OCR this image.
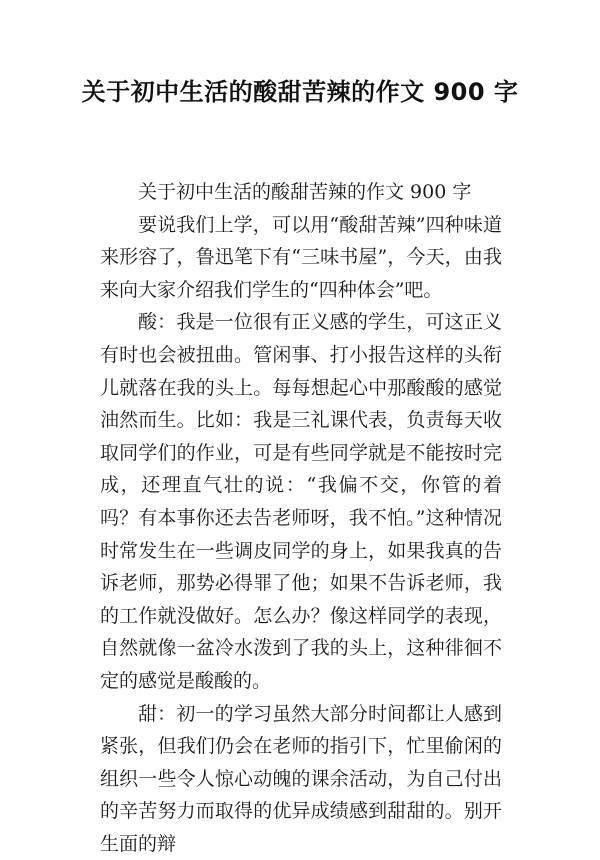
关于初中生活的酸甜苦辣的作文 900 字

关于初中生活的酸甜苦辣的作文 900 字

要说我们上学，可以用“酸甜苦辣”四种味道来形容了，鲁迅笔下有“三味书屋”，今天，由我来向大家介绍我们学生的“四种体会”吧。

酸：我是一位很有正义感的学生，可这正义有时也会被扭曲。管闲事、打小报告这样的头衔儿就落在我的头上。每每想起心中那酸酸的感觉油然而生。比如：我是三礼课代表，负责每天收取同学们的作业，可是有些同学就是不能按时完成，还理直气壮的说：“我偏不交，你管的着吗？有本事你还去告老师呀，我不怕。”这种情况时常发生在一些调皮同学的身上，如果我真的告诉老师，那势必得罪了他；如果不告诉老师，我的工作就没做好。怎么办？像这样同学的表现，自然就像一盆冷水泼到了我的头上，这种徘徊不定的感觉是酸酸的。

甜：初一的学习虽然大部分时间都让人感到紧张，但我们仍会在老师的指引下，忙里偷闲的组织一些令人惊心动魄的课余活动，为自己付出的辛苦努力而取得的优异成绩感到甜甜的。别开生面的辩
